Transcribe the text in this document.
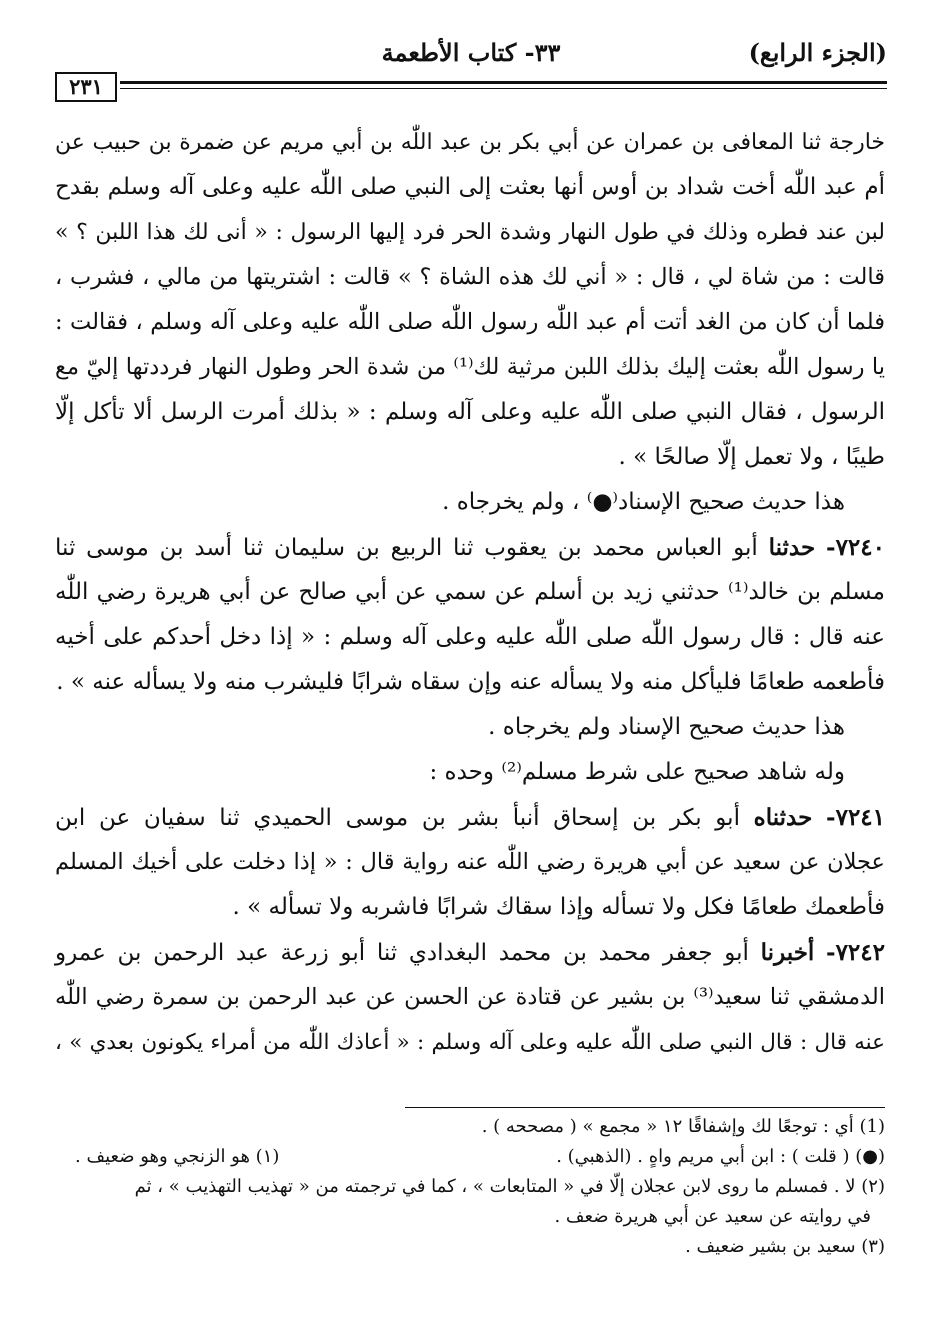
(الجزء الرابع)
٣٣- كتاب الأطعمة
٢٣١
خارجة ثنا المعافى بن عمران عن أبي بكر بن عبد اللّٰه بن أبي مريم عن ضمرة بن حبيب عن
أم عبد اللّٰه أخت شداد بن أوس أنها بعثت إلى النبي صلى اللّٰه عليه وعلى آله وسلم بقدح
لبن عند فطره وذلك في طول النهار وشدة الحر فرد إليها الرسول : « أنى لك هذا اللبن ؟ »
قالت : من شاة لي ، قال : « أني لك هذه الشاة ؟ » قالت : اشتريتها من مالي ، فشرب ،
فلما أن كان من الغد أتت أم عبد اللّٰه رسول اللّٰه صلى اللّٰه عليه وعلى آله وسلم ، فقالت :
يا رسول اللّٰه بعثت إليك بذلك اللبن مرثية لك⁽¹⁾ من شدة الحر وطول النهار فرددتها إليّ مع
الرسول ، فقال النبي صلى اللّٰه عليه وعلى آله وسلم : « بذلك أمرت الرسل ألا تأكل إلّا
طيبًا ، ولا تعمل إلّا صالحًا » .
هذا حديث صحيح الإسناد⁽●⁾ ، ولم يخرجاه .
٧٢٤٠- حدثنا أبو العباس محمد بن يعقوب ثنا الربيع بن سليمان ثنا أسد بن موسى ثنا
مسلم بن خالد⁽¹⁾ حدثني زيد بن أسلم عن سمي عن أبي صالح عن أبي هريرة رضي اللّٰه
عنه قال : قال رسول اللّٰه صلى اللّٰه عليه وعلى آله وسلم : « إذا دخل أحدكم على أخيه
فأطعمه طعامًا فليأكل منه ولا يسأله عنه وإن سقاه شرابًا فليشرب منه ولا يسأله عنه » .
هذا حديث صحيح الإسناد ولم يخرجاه .
وله شاهد صحيح على شرط مسلم⁽²⁾ وحده :
٧٢٤١- حدثناه أبو بكر بن إسحاق أنبأ بشر بن موسى الحميدي ثنا سفيان عن ابن
عجلان عن سعيد عن أبي هريرة رضي اللّٰه عنه رواية قال : « إذا دخلت على أخيك المسلم
فأطعمك طعامًا فكل ولا تسأله وإذا سقاك شرابًا فاشربه ولا تسأله » .
٧٢٤٢- أخبرنا أبو جعفر محمد بن محمد البغدادي ثنا أبو زرعة عبد الرحمن بن عمرو
الدمشقي ثنا سعيد⁽³⁾ بن بشير عن قتادة عن الحسن عن عبد الرحمن بن سمرة رضي اللّٰه
عنه قال : قال النبي صلى اللّٰه عليه وعلى آله وسلم : « أعاذك اللّٰه من أمراء يكونون بعدي » ،
(1) أي : توجعًا لك وإشفاقًا ١٢ « مجمع » ( مصححه ) .
(●) ( قلت ) : ابن أبي مريم واهٍ . (الذهبي) .
(١) هو الزنجي وهو ضعيف .
(٢) لا . فمسلم ما روى لابن عجلان إلّا في « المتابعات » ، كما في ترجمته من « تهذيب التهذيب » ، ثم
في روايته عن سعيد عن أبي هريرة ضعف .
(٣) سعيد بن بشير ضعيف .
